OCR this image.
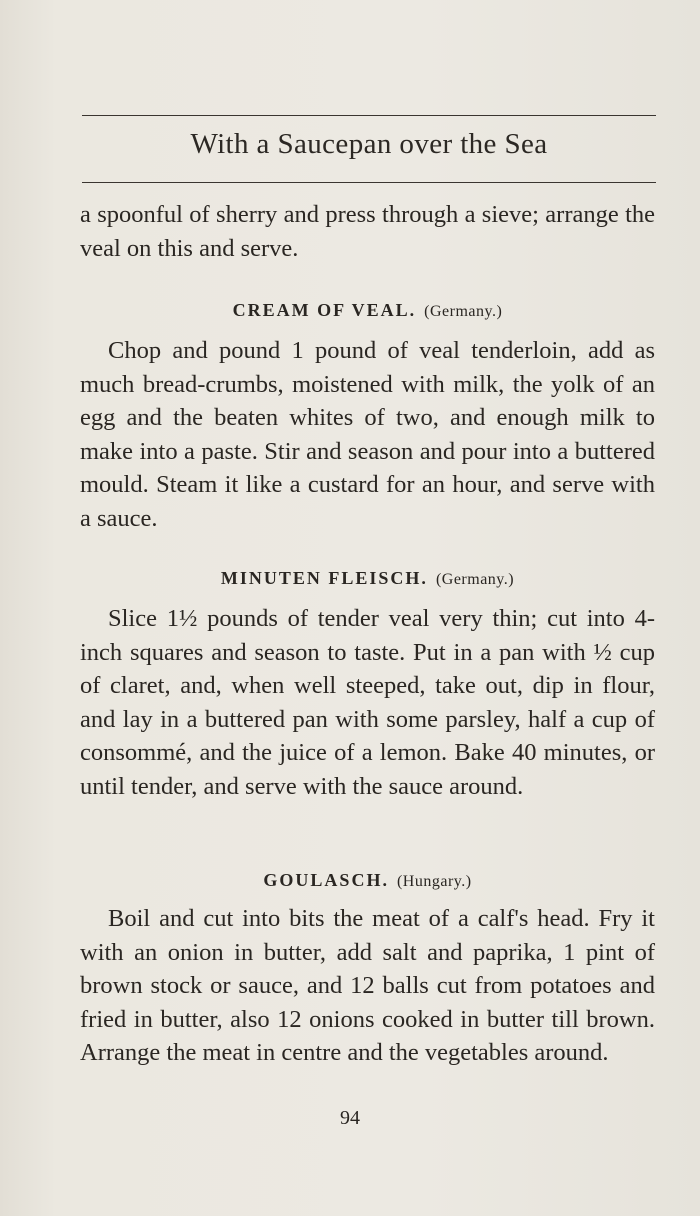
With a Saucepan over the Sea

a spoonful of sherry and press through a sieve; arrange the veal on this and serve.

CREAM OF VEAL. (Germany.)

Chop and pound 1 pound of veal tenderloin, add as much bread-crumbs, moistened with milk, the yolk of an egg and the beaten whites of two, and enough milk to make into a paste. Stir and season and pour into a buttered mould. Steam it like a custard for an hour, and serve with a sauce.

MINUTEN FLEISCH. (Germany.)

Slice 1½ pounds of tender veal very thin; cut into 4-inch squares and season to taste. Put in a pan with ½ cup of claret, and, when well steeped, take out, dip in flour, and lay in a buttered pan with some parsley, half a cup of consommé, and the juice of a lemon. Bake 40 minutes, or until tender, and serve with the sauce around.

GOULASCH. (Hungary.)

Boil and cut into bits the meat of a calf's head. Fry it with an onion in butter, add salt and paprika, 1 pint of brown stock or sauce, and 12 balls cut from potatoes and fried in butter, also 12 onions cooked in butter till brown. Arrange the meat in centre and the vegetables around.

94
